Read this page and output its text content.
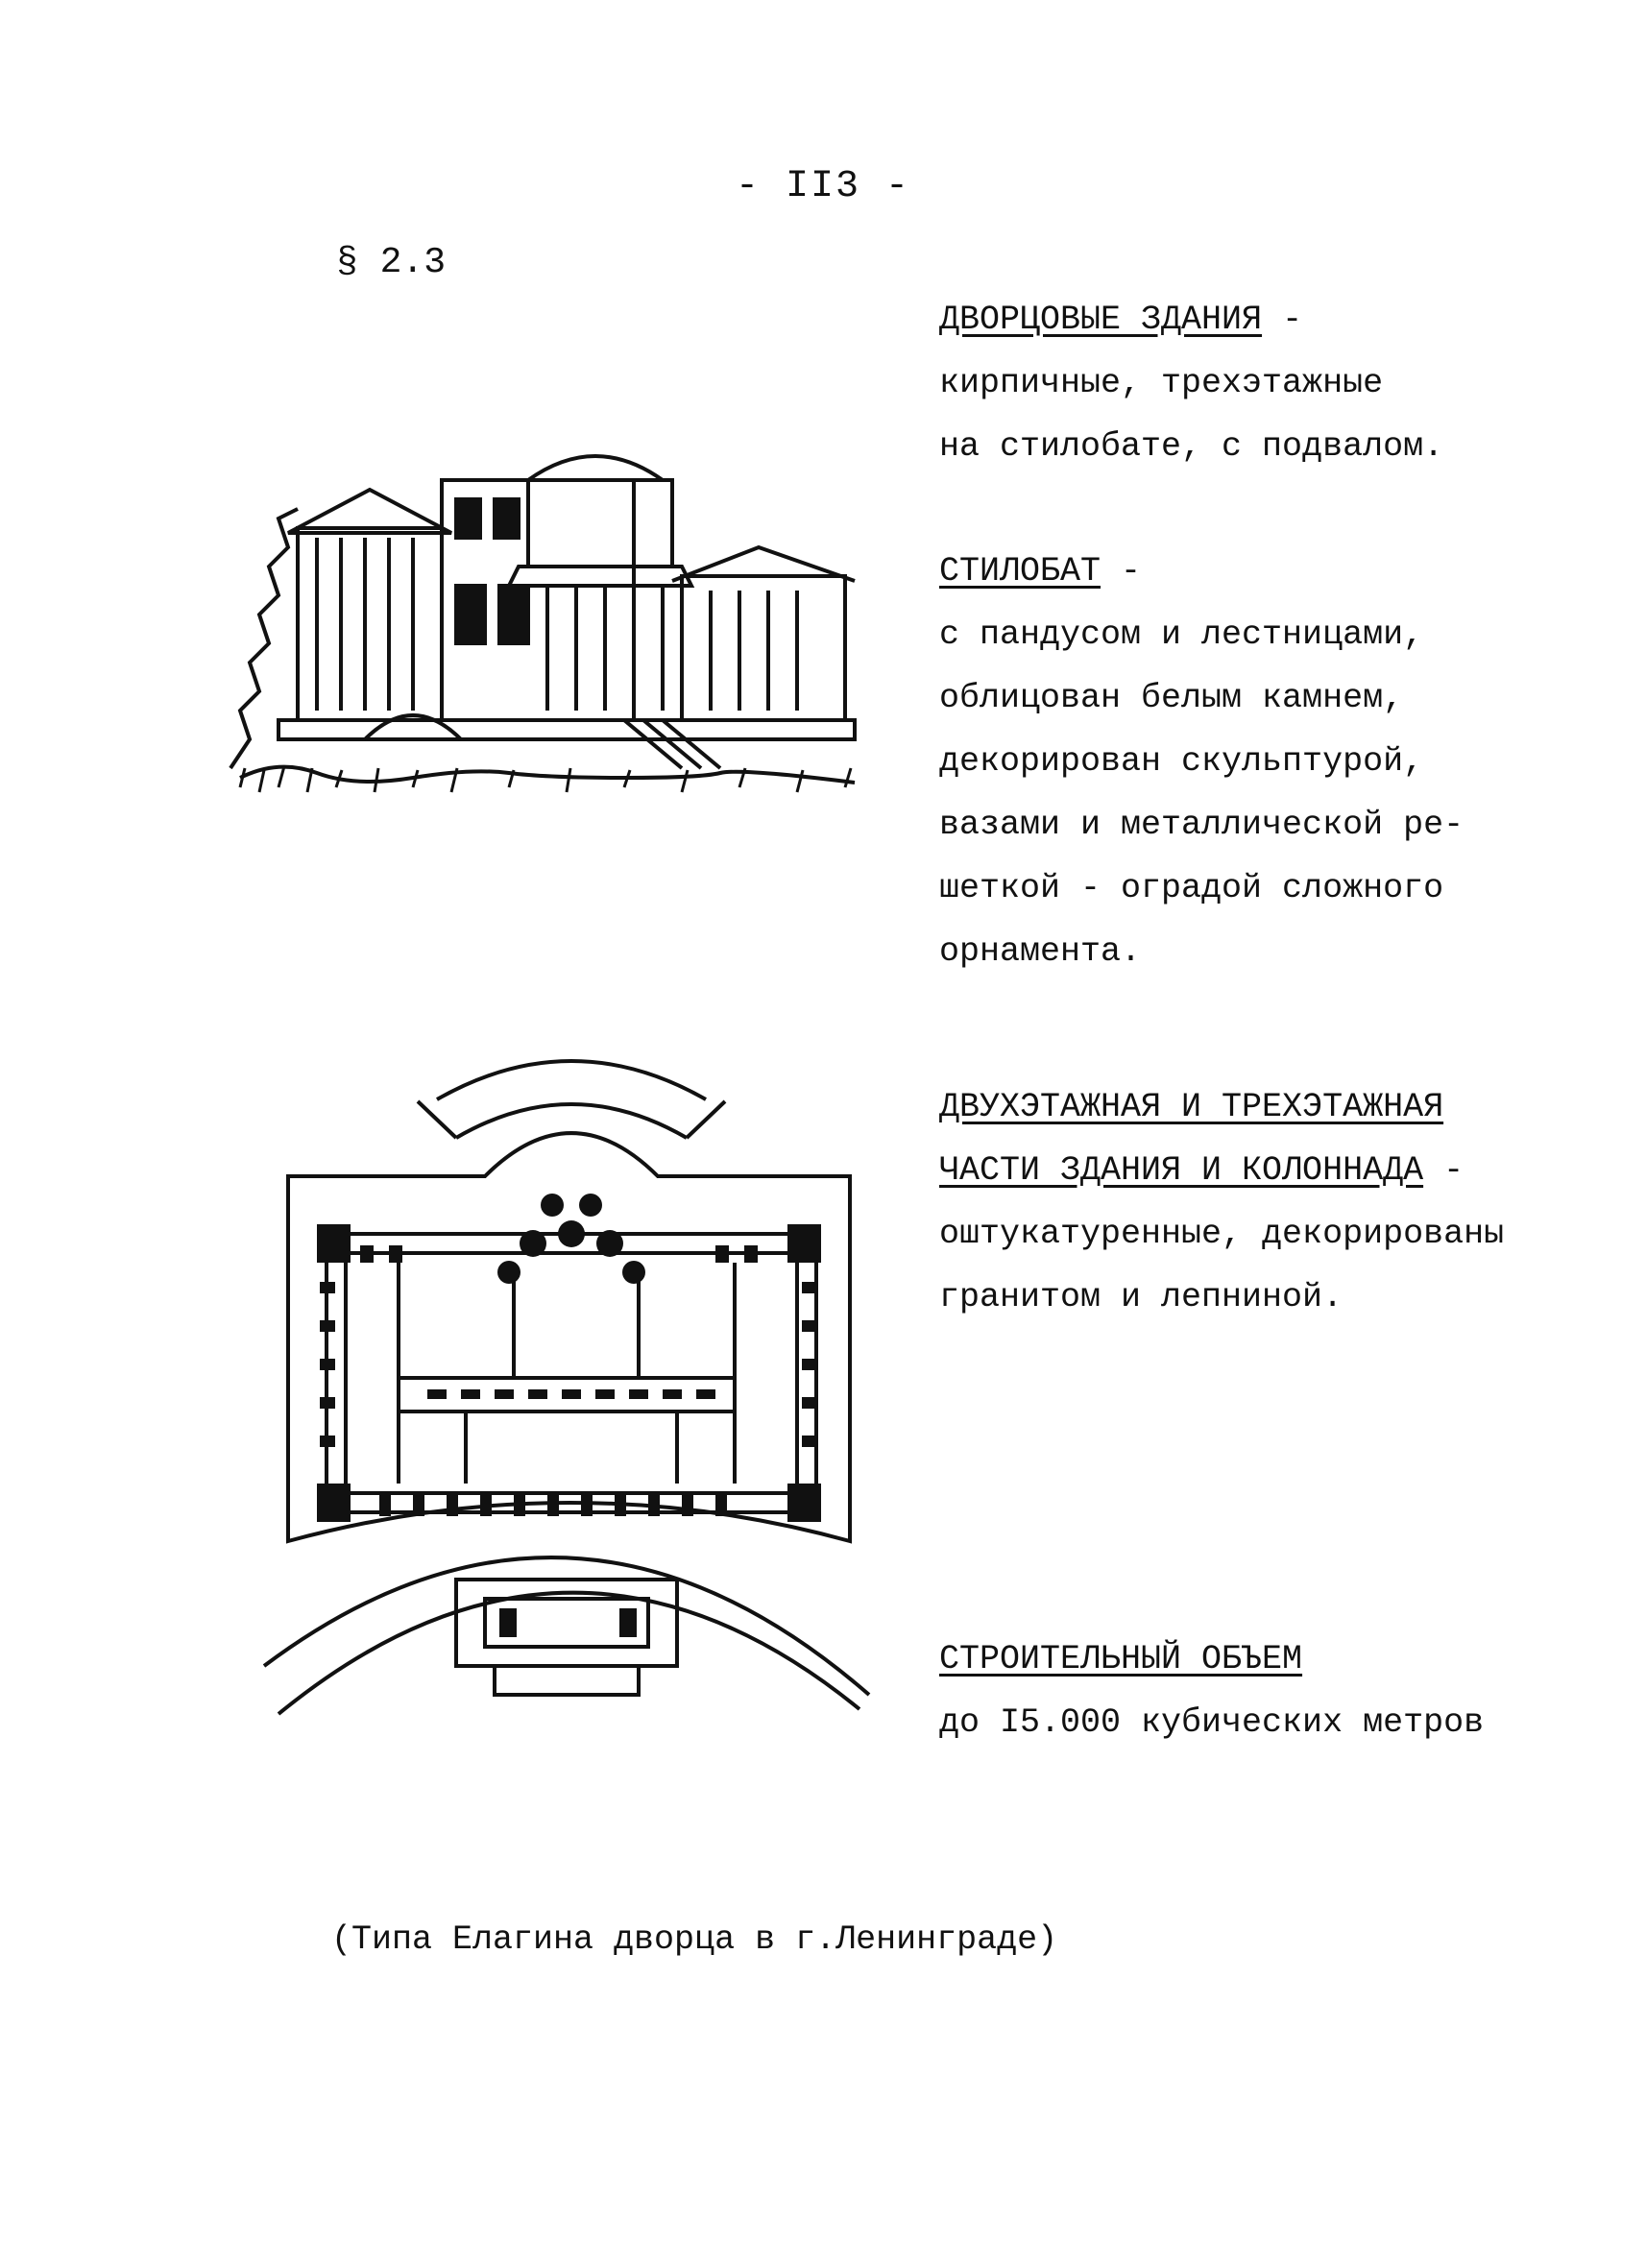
- II3 -
§ 2.3
ДВОРЦОВЫЕ ЗДАНИЯ -
кирпичные, трехэтажные
на стилобате, с подвалом.
СТИЛОБАТ -
с пандусом и лестницами,
облицован белым камнем,
декорирован скульптурой,
вазами и металлической ре-
шеткой - оградой сложного
орнамента.
ДВУХЭТАЖНАЯ И ТРЕХЭТАЖНАЯ
ЧАСТИ ЗДАНИЯ И КОЛОННАДА -
оштукатуренные, декорированы
гранитом и лепниной.
СТРОИТЕЛЬНЫЙ ОБЪЕМ
до I5.000 кубических метров
(Типа Елагина дворца в г.Ленинграде)
